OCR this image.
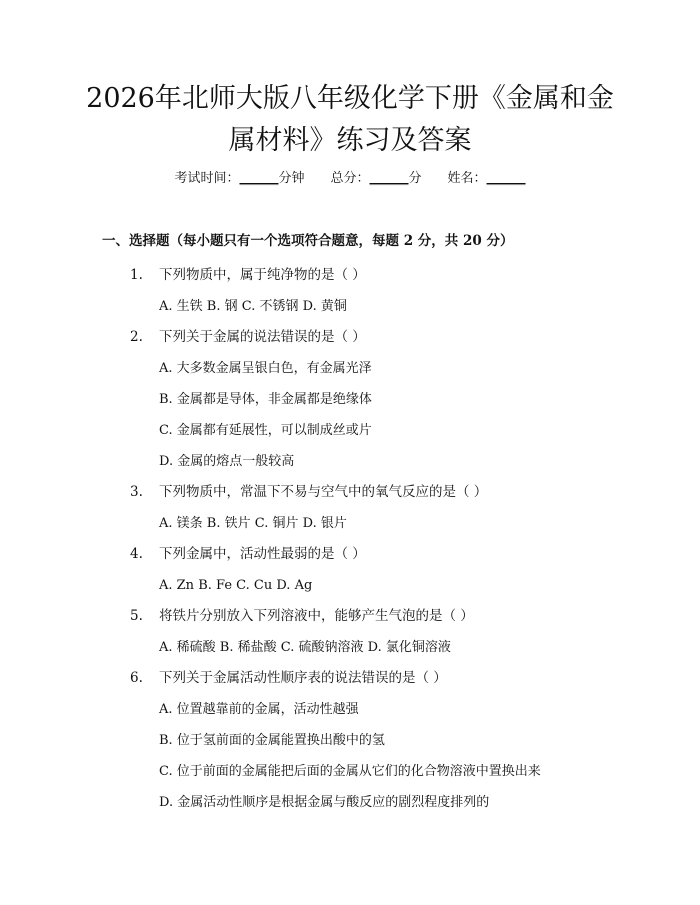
2026年北师大版八年级化学下册《金属和金属材料》练习及答案
考试时间：______分钟 总分：______分 姓名：______
一、选择题（每小题只有一个选项符合题意，每题 2 分，共 20 分）
1. 下列物质中，属于纯净物的是（ ）
A. 生铁 B. 钢 C. 不锈钢 D. 黄铜
2. 下列关于金属的说法错误的是（ ）
A. 大多数金属呈银白色，有金属光泽
B. 金属都是导体，非金属都是绝缘体
C. 金属都有延展性，可以制成丝或片
D. 金属的熔点一般较高
3. 下列物质中，常温下不易与空气中的氧气反应的是（ ）
A. 镁条 B. 铁片 C. 铜片 D. 银片
4. 下列金属中，活动性最弱的是（ ）
A. Zn B. Fe C. Cu D. Ag
5. 将铁片分别放入下列溶液中，能够产生气泡的是（ ）
A. 稀硫酸 B. 稀盐酸 C. 硫酸钠溶液 D. 氯化铜溶液
6. 下列关于金属活动性顺序表的说法错误的是（ ）
A. 位置越靠前的金属，活动性越强
B. 位于氢前面的金属能置换出酸中的氢
C. 位于前面的金属能把后面的金属从它们的化合物溶液中置换出来
D. 金属活动性顺序是根据金属与酸反应的剧烈程度排列的
